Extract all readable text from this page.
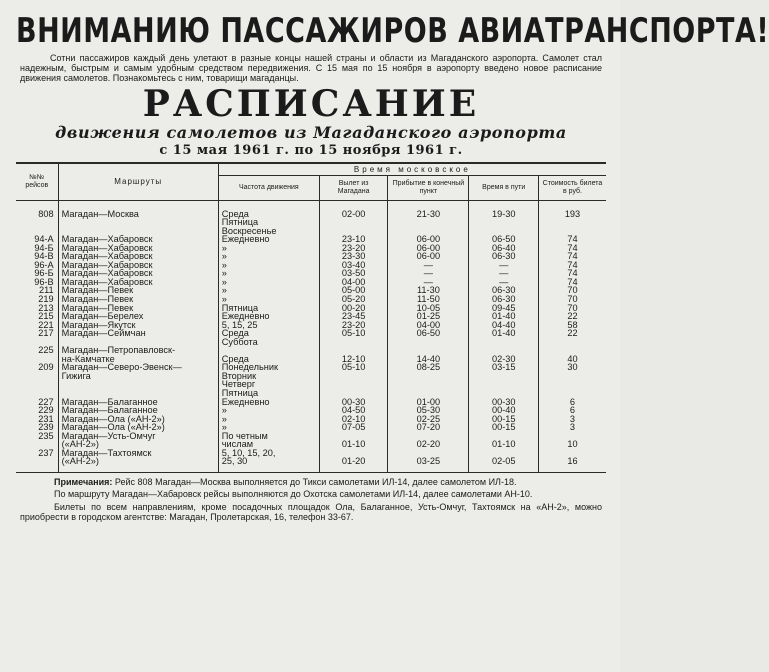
ВНИМАНИЮ ПАССАЖИРОВ АВИАТРАНСПОРТА!
Сотни пассажиров каждый день улетают в разные концы нашей страны и области из Магаданского аэропорта. Самолет стал надежным, быстрым и самым удобным средством передвижения. С 15 мая по 15 ноября в аэропорту введено новое расписание движения самолетов. Познакомьтесь с ним, товарищи магаданцы.
РАСПИСАНИЕ
движения самолетов из Магаданского аэропорта
с 15 мая 1961 г. по 15 ноября 1961 г.
№№ рейсов	Маршруты	Время московское				
		Частота движения	Вылет из Магадана	Прибытие в конечный пункт	Время в пути	Стоимость билета в руб.

808	Магадан—Москва	Среда	02-00	21-30	19-30	193
		Пятница				
		Воскресенье				
94-А	Магадан—Хабаровск	Ежедневно	23-10	06-00	06-50	74
94-Б	Магадан—Хабаровск	»	23-20	06-00	06-40	74
94-В	Магадан—Хабаровск	»	23-30	06-00	06-30	74
96-А	Магадан—Хабаровск	»	03-40	—	—	74
96-Б	Магадан—Хабаровск	»	03-50	—	—	74
96-В	Магадан—Хабаровск	»	04-00	—	—	74
211	Магадан—Певек	»	05-00	11-30	06-30	70
219	Магадан—Певек	»	05-20	11-50	06-30	70
213	Магадан—Певек	Пятница	00-20	10-05	09-45	70
215	Магадан—Берелех	Ежедневно	23-45	01-25	01-40	22
221	Магадан—Якутск	5, 15, 25	23-20	04-00	04-40	58
217	Магадан—Сеймчан	Среда	05-10	06-50	01-40	22
		Суббота				
225	Магадан—Петропавловск-					
	на-Камчатке	Среда	12-10	14-40	02-30	40
209	Магадан—Северо-Эвенск—	Понедельник	05-10	08-25	03-15	30
	Гижига	Вторник				
		Четверг				
		Пятница				
227	Магадан—Балаганное	Ежедневно	00-30	01-00	00-30	6
229	Магадан—Балаганное	»	04-50	05-30	00-40	6
231	Магадан—Ола («АН-2»)	»	02-10	02-25	00-15	3
239	Магадан—Ола («АН-2»)	»	07-05	07-20	00-15	3
235	Магадан—Усть-Омчуг	По четным				
	(«АН-2»)	числам	01-10	02-20	01-10	10
237	Магадан—Тахтоямск	5, 10, 15, 20,				
	(«АН-2»)	25, 30	01-20	03-25	02-05	16

Примечания: Рейс 808 Магадан—Москва выполняется до Тикси самолетами ИЛ-14, далее самолетом ИЛ-18.

По маршруту Магадан—Хабаровск рейсы выполняются до Охотска самолетами ИЛ-14, далее самолетами АН-10.

Билеты по всем направлениям, кроме посадочных площадок Ола, Балаганное, Усть-Омчуг, Тахтоямск на «АН-2», можно приобрести в городском агентстве: Магадан, Пролетарская, 16, телефон 33-67.
